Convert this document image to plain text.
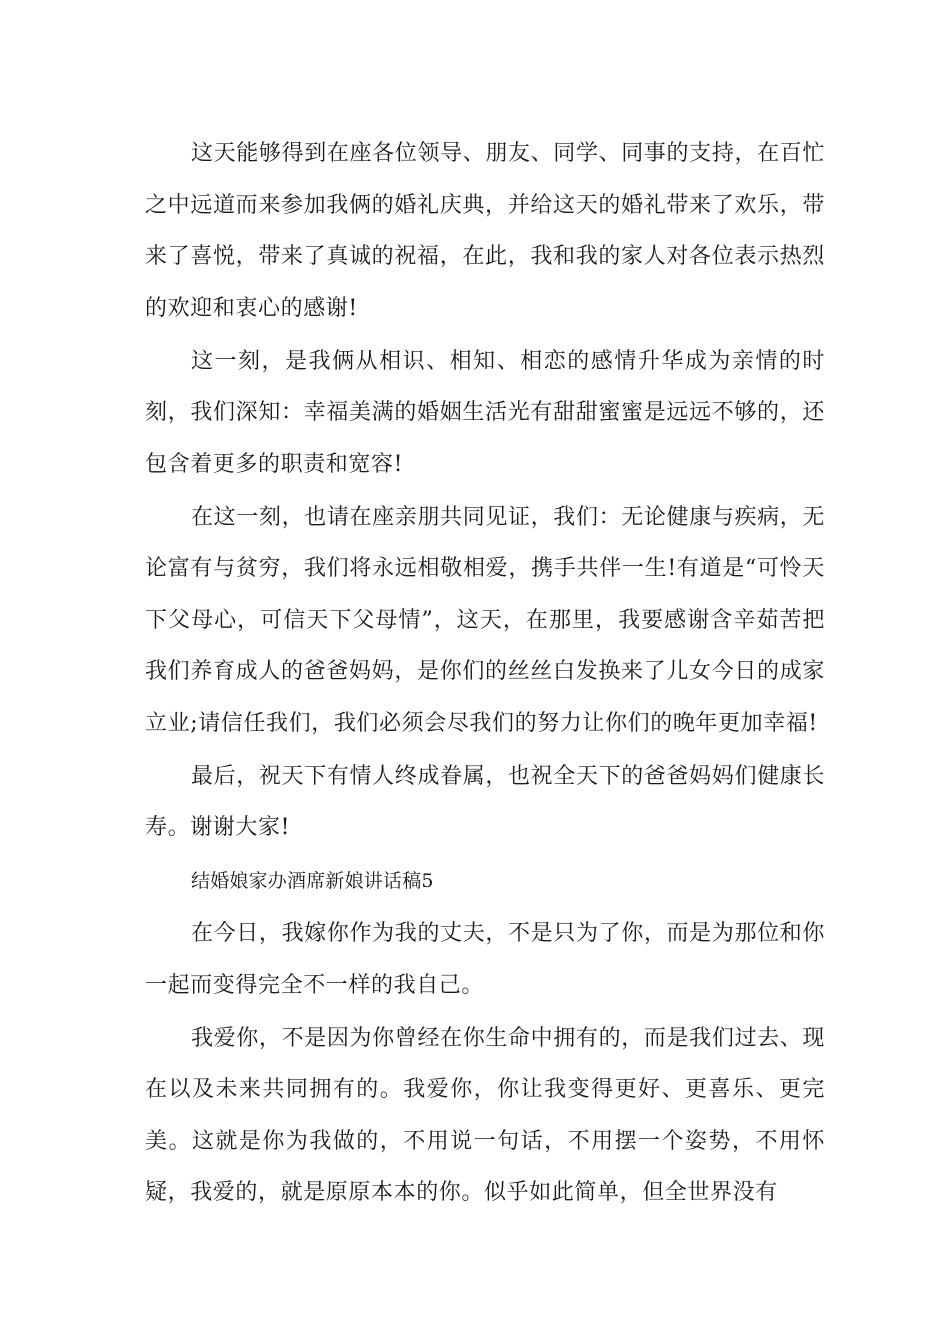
这天能够得到在座各位领导、朋友、同学、同事的支持，在百忙之中远道而来参加我俩的婚礼庆典，并给这天的婚礼带来了欢乐，带来了喜悦，带来了真诚的祝福，在此，我和我的家人对各位表示热烈的欢迎和衷心的感谢!

这一刻，是我俩从相识、相知、相恋的感情升华成为亲情的时刻，我们深知：幸福美满的婚姻生活光有甜甜蜜蜜是远远不够的，还包含着更多的职责和宽容!

在这一刻，也请在座亲朋共同见证，我们：无论健康与疾病，无论富有与贫穷，我们将永远相敬相爱，携手共伴一生!有道是“可怜天下父母心，可信天下父母情”，这天，在那里，我要感谢含辛茹苦把我们养育成人的爸爸妈妈，是你们的丝丝白发换来了儿女今日的成家立业;请信任我们，我们必须会尽我们的努力让你们的晚年更加幸福!

最后，祝天下有情人终成眷属，也祝全天下的爸爸妈妈们健康长寿。谢谢大家!

结婚娘家办酒席新娘讲话稿5

在今日，我嫁你作为我的丈夫，不是只为了你，而是为那位和你一起而变得完全不一样的我自己。

我爱你，不是因为你曾经在你生命中拥有的，而是我们过去、现在以及未来共同拥有的。我爱你，你让我变得更好、更喜乐、更完美。这就是你为我做的，不用说一句话，不用摆一个姿势，不用怀疑，我爱的，就是原原本本的你。似乎如此简单，但全世界没有
